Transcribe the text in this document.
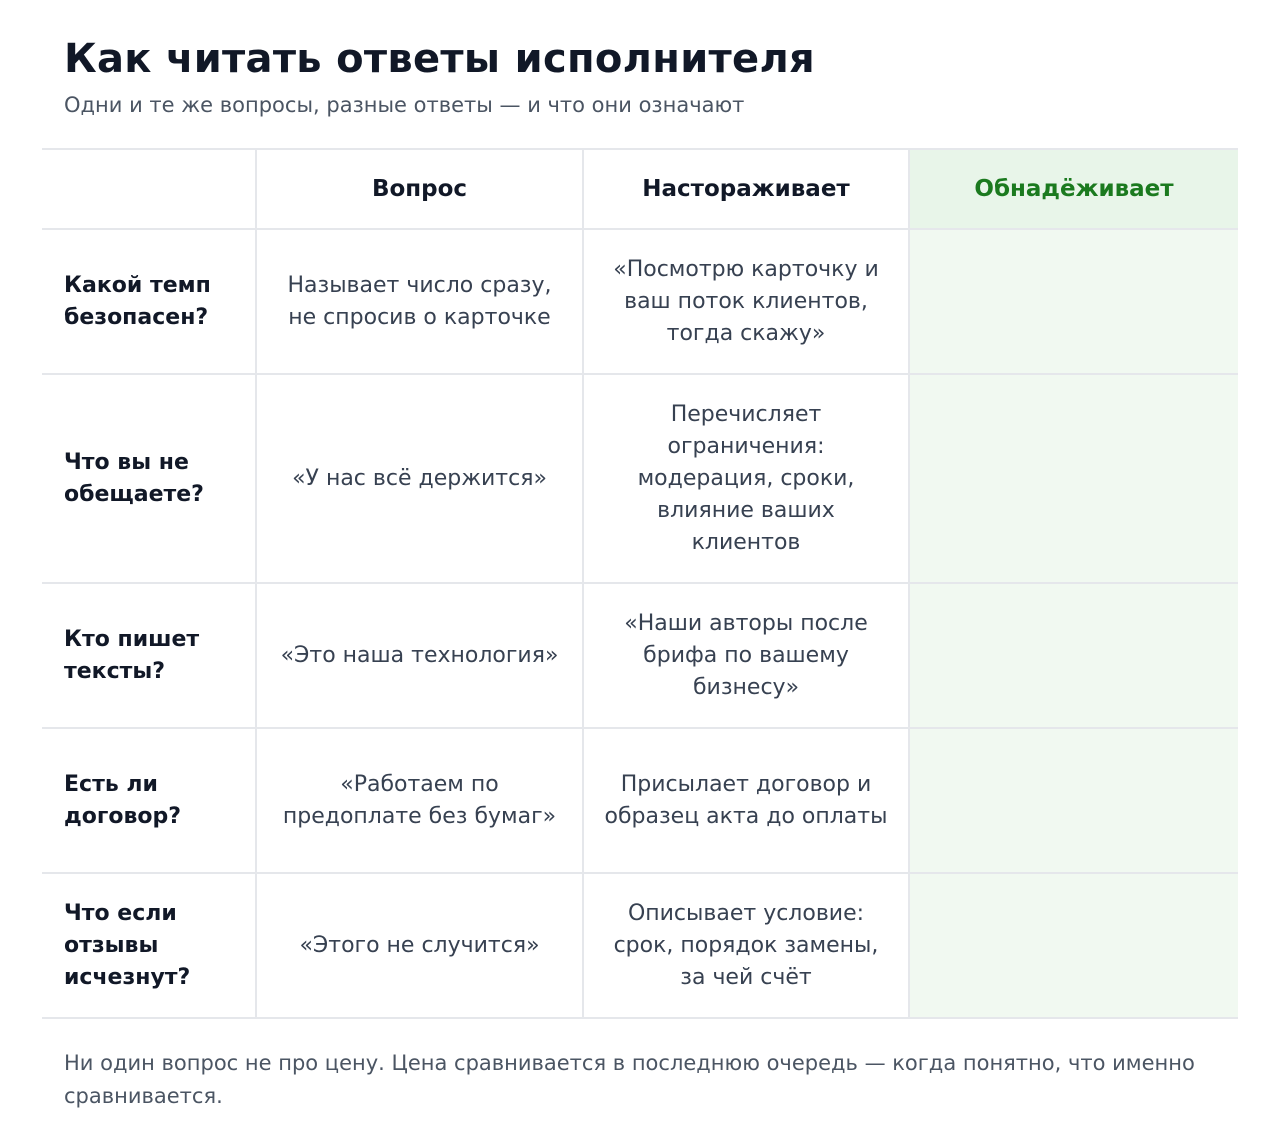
Как читать ответы исполнителя

Одни и те же вопросы, разные ответы — и что они означают

	Вопрос	Настораживает	Обнадёживает
Какой темп безопасен?	Называет число сразу, не спросив о карточке	«Посмотрю карточку и ваш поток клиентов, тогда скажу»	
Что вы не обещаете?	«У нас всё держится»	Перечисляет ограничения: модерация, сроки, влияние ваших клиентов	
Кто пишет тексты?	«Это наша технология»	«Наши авторы после брифа по вашему бизнесу»	
Есть ли договор?	«Работаем по предоплате без бумаг»	Присылает договор и образец акта до оплаты	
Что если отзывы исчезнут?	«Этого не случится»	Описывает условие: срок, порядок замены, за чей счёт	

Ни один вопрос не про цену. Цена сравнивается в последнюю очередь — когда понятно, что именно сравнивается.
